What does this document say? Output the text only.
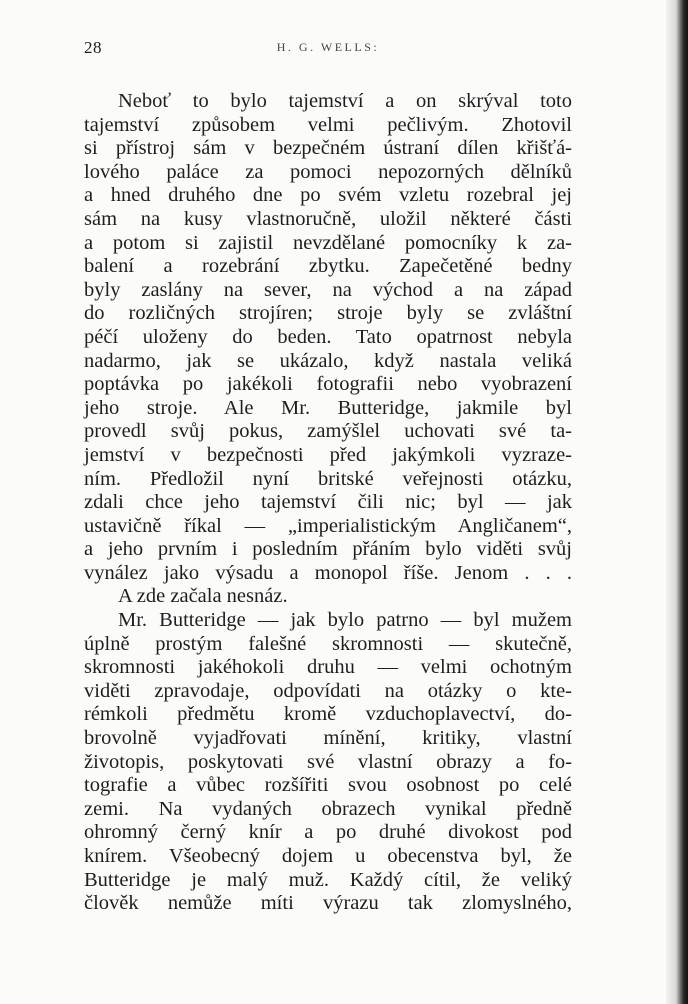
28	H. G. WELLS:
Neboť to bylo tajemství a on skrýval toto
tajemství způsobem velmi pečlivým. Zhotovil
si přístroj sám v bezpečném ústraní dílen křišťá-
lového paláce za pomoci nepozorných dělníků
a hned druhého dne po svém vzletu rozebral jej
sám na kusy vlastnoručně, uložil některé části
a potom si zajistil nevzdělané pomocníky k za-
balení a rozebrání zbytku. Zapečetěné bedny
byly zaslány na sever, na východ a na západ
do rozličných strojíren; stroje byly se zvláštní
péčí uloženy do beden. Tato opatrnost nebyla
nadarmo, jak se ukázalo, když nastala veliká
poptávka po jakékoli fotografii nebo vyobrazení
jeho stroje. Ale Mr. Butteridge, jakmile byl
provedl svůj pokus, zamýšlel uchovati své ta-
jemství v bezpečnosti před jakýmkoli vyzraze-
ním. Předložil nyní britské veřejnosti otázku,
zdali chce jeho tajemství čili nic; byl — jak
ustavičně říkal — „imperialistickým Angličanem“,
a jeho prvním i posledním přáním bylo viděti svůj
vynález jako výsadu a monopol říše. Jenom . . .
A zde začala nesnáz.
Mr. Butteridge — jak bylo patrno — byl mužem
úplně prostým falešné skromnosti — skutečně,
skromnosti jakéhokoli druhu — velmi ochotným
viděti zpravodaje, odpovídati na otázky o kte-
rémkoli předmětu kromě vzduchoplavectví, do-
brovolně vyjadřovati mínění, kritiky, vlastní
životopis, poskytovati své vlastní obrazy a fo-
tografie a vůbec rozšířiti svou osobnost po celé
zemi. Na vydaných obrazech vynikal předně
ohromný černý knír a po druhé divokost pod
knírem. Všeobecný dojem u obecenstva byl, že
Butteridge je malý muž. Každý cítil, že veliký
člověk nemůže míti výrazu tak zlomyslného,
